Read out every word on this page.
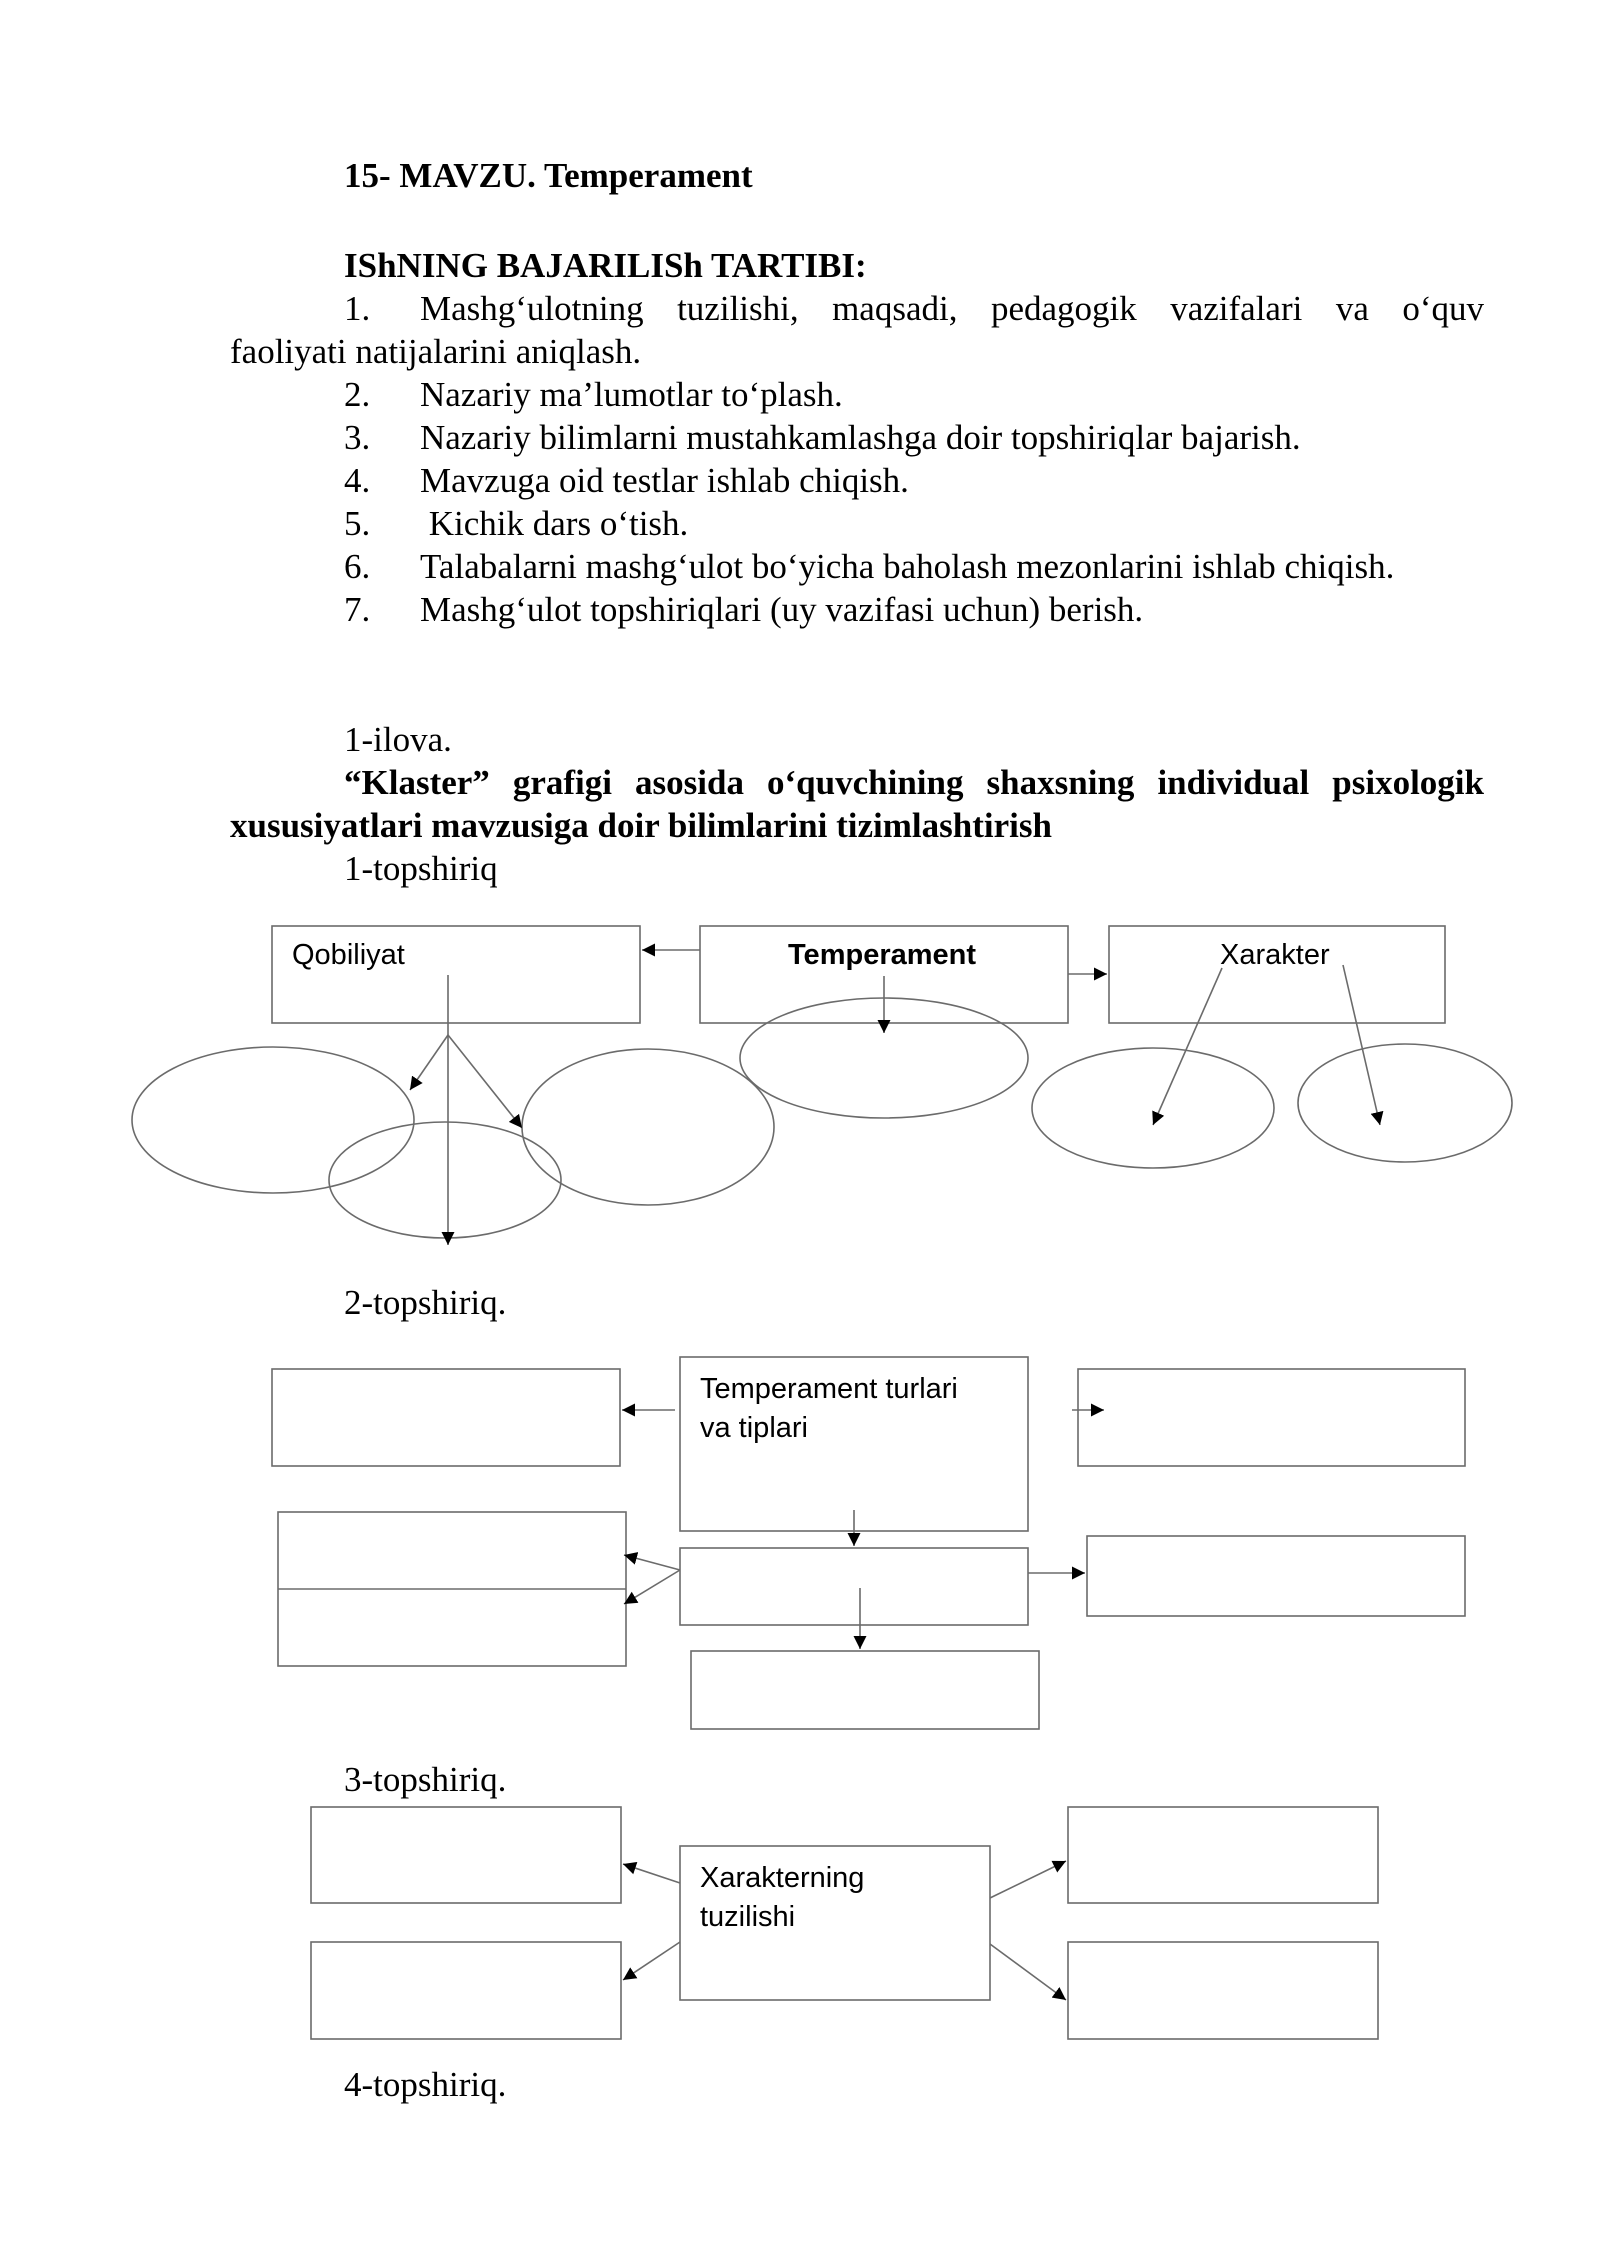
15- MAVZU. Temperament
IShNING BAJARILISh TARTIBI:
1. Mashg‘ulotning tuzilishi, maqsadi, pedagogik vazifalari va o‘quv
faoliyati natijalarini aniqlash.
2. Nazariy ma’lumotlar to‘plash.
3. Nazariy bilimlarni mustahkamlashga doir topshiriqlar bajarish.
4. Mavzuga oid testlar ishlab chiqish.
5. Kichik dars o‘tish.
6. Talabalarni mashg‘ulot bo‘yicha baholash mezonlarini ishlab chiqish.
7. Mashg‘ulot topshiriqlari (uy vazifasi uchun) berish.
1-ilova.
“Klaster” grafigi asosida o‘quvchining shaxsning individual psixologik
xususiyatlari mavzusiga doir bilimlarini tizimlashtirish
1-topshiriq
2-topshiriq.
3-topshiriq.
4-topshiriq.
Qobiliyat	Temperament	Xarakter
Temperament turlari
va tiplari
Xarakterning
tuzilishi
